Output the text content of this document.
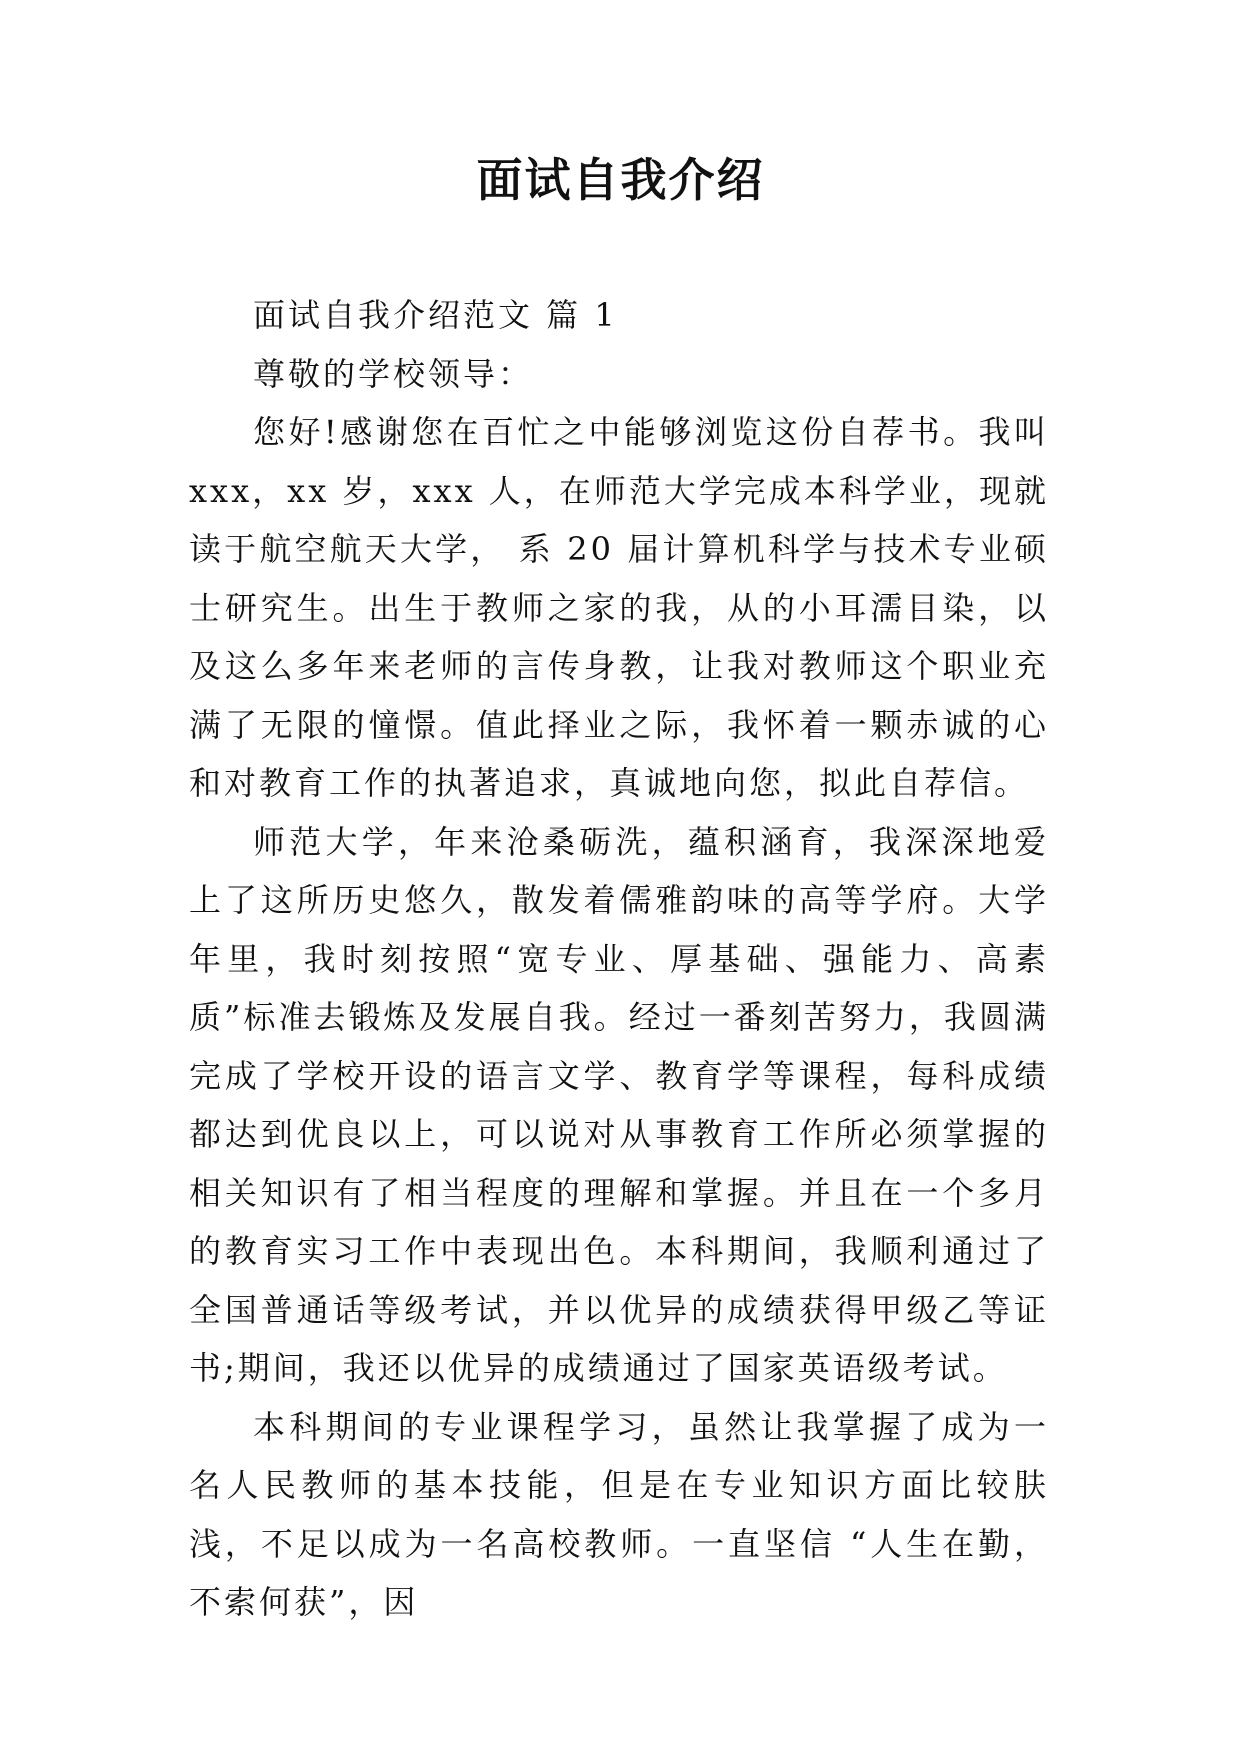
面试自我介绍

面试自我介绍范文 篇 1

尊敬的学校领导：

您好!感谢您在百忙之中能够浏览这份自荐书。我叫 xxx，xx 岁，xxx 人，在师范大学完成本科学业，现就读于航空航天大学， 系 20 届计算机科学与技术专业硕士研究生。出生于教师之家的我，从的小耳濡目染，以及这么多年来老师的言传身教，让我对教师这个职业充满了无限的憧憬。值此择业之际，我怀着一颗赤诚的心和对教育工作的执著追求，真诚地向您，拟此自荐信。

师范大学，年来沧桑砺洗，蕴积涵育，我深深地爱上了这所历史悠久，散发着儒雅韵味的高等学府。大学年里，我时刻按照“宽专业、厚基础、强能力、高素质”标准去锻炼及发展自我。经过一番刻苦努力，我圆满完成了学校开设的语言文学、教育学等课程，每科成绩都达到优良以上，可以说对从事教育工作所必须掌握的相关知识有了相当程度的理解和掌握。并且在一个多月的教育实习工作中表现出色。本科期间，我顺利通过了全国普通话等级考试，并以优异的成绩获得甲级乙等证书;期间，我还以优异的成绩通过了国家英语级考试。

本科期间的专业课程学习，虽然让我掌握了成为一名人民教师的基本技能，但是在专业知识方面比较肤浅，不足以成为一名高校教师。一直坚信 “人生在勤，不索何获”，因
